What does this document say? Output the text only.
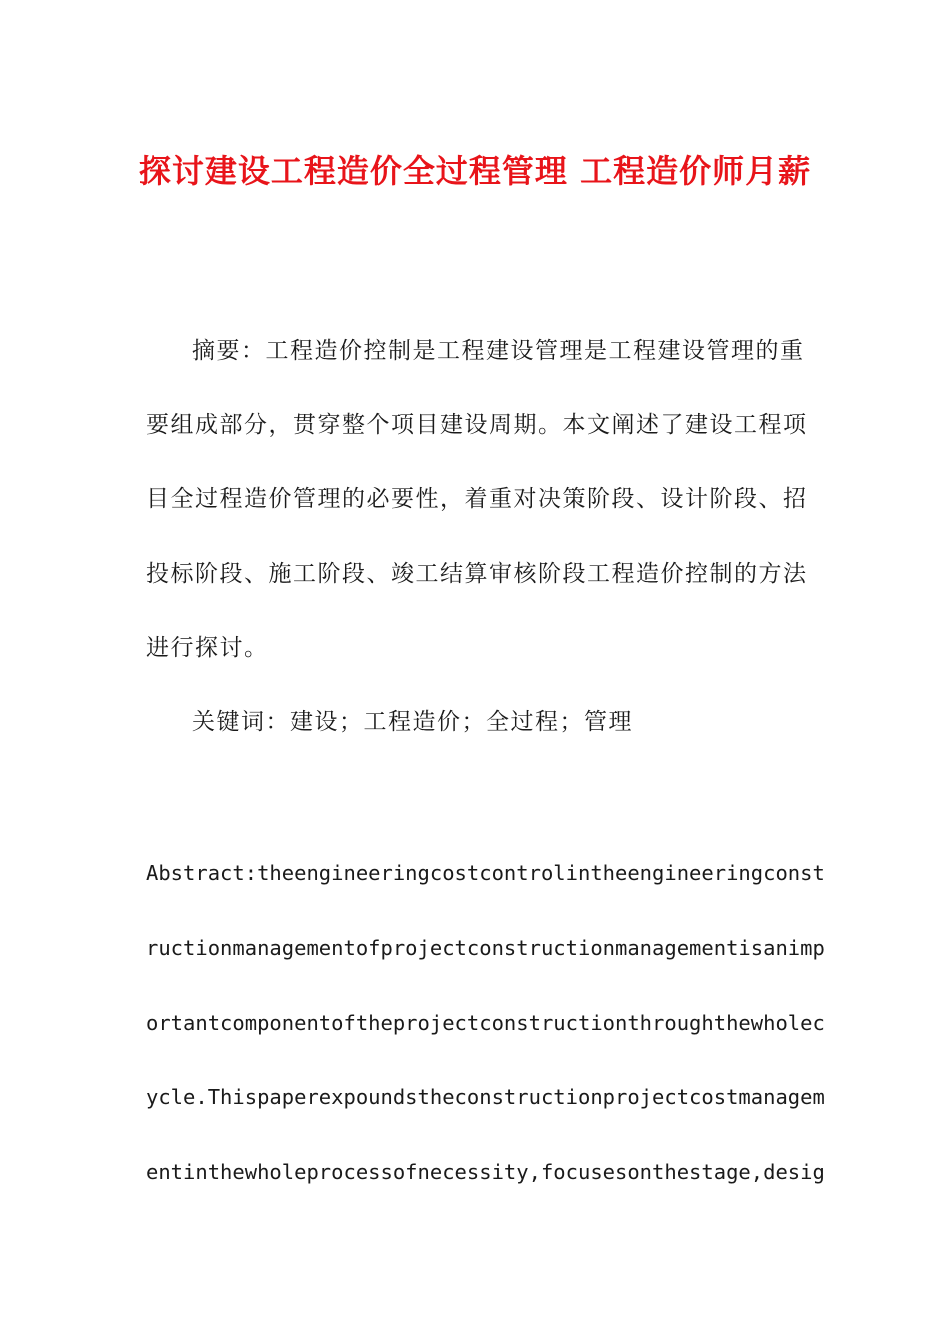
探讨建设工程造价全过程管理 工程造价师月薪
摘要：工程造价控制是工程建设管理是工程建设管理的重
要组成部分，贯穿整个项目建设周期。本文阐述了建设工程项
目全过程造价管理的必要性，着重对决策阶段、设计阶段、招
投标阶段、施工阶段、竣工结算审核阶段工程造价控制的方法
进行探讨。
关键词：建设；工程造价；全过程；管理
Abstract:theengineeringcostcontrolintheengineeringconst
ructionmanagementofprojectconstructionmanagementisanimp
ortantcomponentoftheprojectconstructionthroughthewholec
ycle.Thispaperexpoundstheconstructionprojectcostmanagem
entinthewholeprocessofnecessity,focusesonthestage,desig
